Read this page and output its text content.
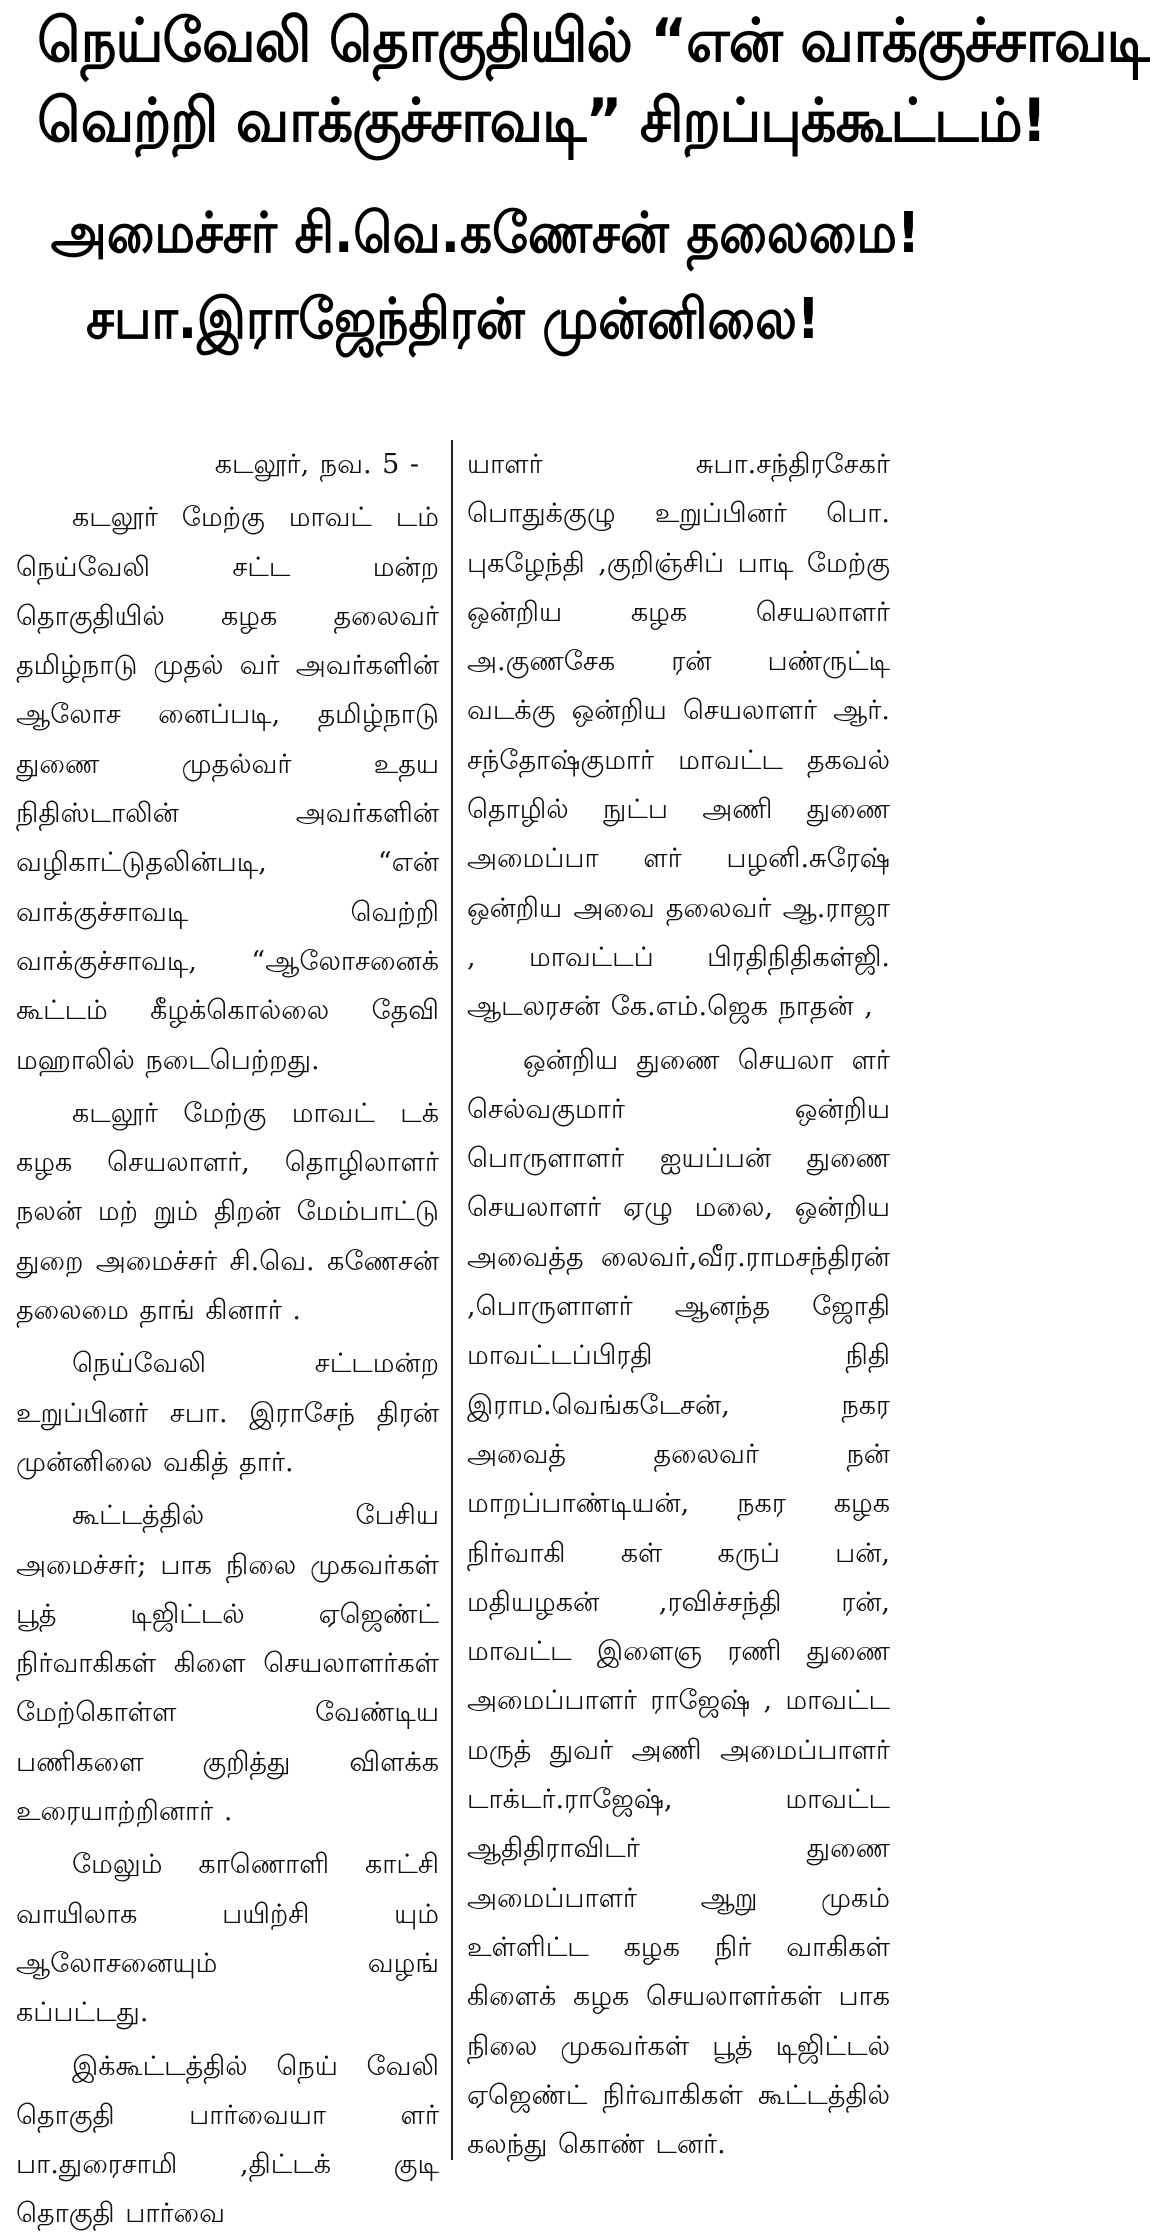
நெய்வேலி தொகுதியில் “என் வாக்குச்சாவடி
வெற்றி வாக்குச்சாவடி” சிறப்புக்கூட்டம்!
அமைச்சர் சி.வெ.கணேசன் தலைமை!
சபா.இராஜேந்திரன் முன்னிலை!

கடலூர், நவ. 5 -

கடலூர் மேற்கு மாவட் டம் நெய்வேலி சட்ட மன்ற தொகுதியில் கழக தலைவர் தமிழ்நாடு முதல் வர் அவர்களின் ஆலோச னைப்படி, தமிழ்நாடு துணை முதல்வர் உதய நிதிஸ்டாலின் அவர்களின் வழிகாட்டுதலின்படி, “என் வாக்குச்சாவடி வெற்றி வாக்குச்சாவடி, “ஆலோசனைக் கூட்டம் கீழக்கொல்லை தேவி மஹாலில் நடைபெற்றது.

கடலூர் மேற்கு மாவட் டக் கழக செயலாளர், தொழிலாளர் நலன் மற் றும் திறன் மேம்பாட்டு துறை அமைச்சர் சி.வெ. கணேசன் தலைமை தாங் கினார் .

நெய்வேலி சட்டமன்ற உறுப்பினர் சபா. இராசேந் திரன் முன்னிலை வகித் தார்.

கூட்டத்தில் பேசிய அமைச்சர்; பாக நிலை முகவர்கள் பூத் டிஜிட்டல் ஏஜெண்ட் நிர்வாகிகள் கிளை செயலாளர்கள் மேற்கொள்ள வேண்டிய பணிகளை குறித்து விளக்க உரையாற்றினார் .

மேலும் காணொளி காட்சி வாயிலாக பயிற்சி யும் ஆலோசனையும் வழங் கப்பட்டது.

இக்கூட்டத்தில் நெய் வேலி தொகுதி பார்வையா ளர் பா.துரைசாமி ,திட்டக் குடி தொகுதி பார்வை

யாளர் சுபா.சந்திரசேகர் பொதுக்குழு உறுப்பினர் பொ. புகழேந்தி ,குறிஞ்சிப் பாடி மேற்கு ஒன்றிய கழக செயலாளர் அ.குணசேக ரன் பண்ருட்டி வடக்கு ஒன்றிய செயலாளர் ஆர். சந்தோஷ்குமார் மாவட்ட தகவல் தொழில் நுட்ப அணி துணை அமைப்பா ளர் பழனி.சுரேஷ் ஒன்றிய அவை தலைவர் ஆ.ராஜா , மாவட்டப் பிரதிநிதிகள்ஜி. ஆடலரசன் கே.எம்.ஜெக நாதன் ,

ஒன்றிய துணை செயலா ளர் செல்வகுமார் ஒன்றிய பொருளாளர் ஐயப்பன் துணை செயலாளர் ஏழு மலை, ஒன்றிய அவைத்த லைவர்,வீர.ராமசந்திரன் ,பொருளாளர் ஆனந்த ஜோதி மாவட்டப்பிரதி நிதி இராம.வெங்கடேசன், நகர அவைத் தலைவர் நன் மாறப்பாண்டியன், நகர கழக நிர்வாகி கள் கருப் பன், மதியழகன் ,ரவிச்சந்தி ரன், மாவட்ட இளைஞ ரணி துணை அமைப்பாளர் ராஜேஷ் , மாவட்ட மருத் துவர் அணி அமைப்பாளர் டாக்டர்.ராஜேஷ், மாவட்ட ஆதிதிராவிடர் துணை அமைப்பாளர் ஆறு முகம் உள்ளிட்ட கழக நிர் வாகிகள் கிளைக் கழக செயலாளர்கள் பாக நிலை முகவர்கள் பூத் டிஜிட்டல் ஏஜெண்ட் நிர்வாகிகள் கூட்டத்தில் கலந்து கொண் டனர்.
